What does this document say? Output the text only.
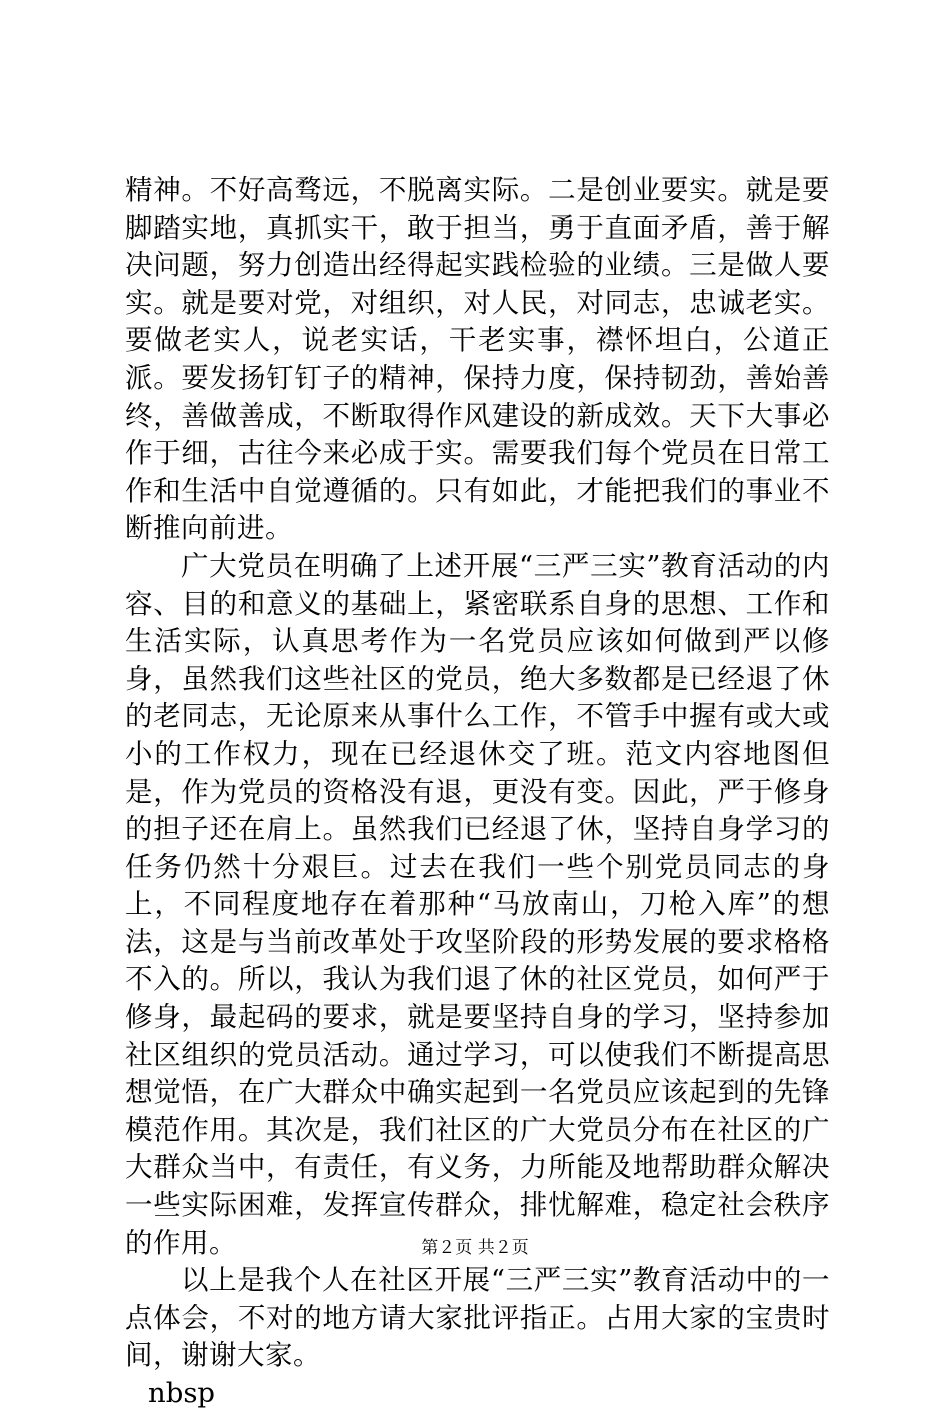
精神。不好高骛远，不脱离实际。二是创业要实。就是要脚踏实地，真抓实干，敢于担当，勇于直面矛盾，善于解决问题，努力创造出经得起实践检验的业绩。三是做人要实。就是要对党，对组织，对人民，对同志，忠诚老实。要做老实人，说老实话，干老实事，襟怀坦白，公道正派。要发扬钉钉子的精神，保持力度，保持韧劲，善始善终，善做善成，不断取得作风建设的新成效。天下大事必作于细，古往今来必成于实。需要我们每个党员在日常工作和生活中自觉遵循的。只有如此，才能把我们的事业不断推向前进。

广大党员在明确了上述开展“三严三实”教育活动的内容、目的和意义的基础上，紧密联系自身的思想、工作和生活实际，认真思考作为一名党员应该如何做到严以修身，虽然我们这些社区的党员，绝大多数都是已经退了休的老同志，无论原来从事什么工作，不管手中握有或大或小的工作权力，现在已经退休交了班。范文内容地图但是，作为党员的资格没有退，更没有变。因此，严于修身的担子还在肩上。虽然我们已经退了休，坚持自身学习的任务仍然十分艰巨。过去在我们一些个别党员同志的身上，不同程度地存在着那种“马放南山，刀枪入库”的想法，这是与当前改革处于攻坚阶段的形势发展的要求格格不入的。所以，我认为我们退了休的社区党员，如何严于修身，最起码的要求，就是要坚持自身的学习，坚持参加社区组织的党员活动。通过学习，可以使我们不断提高思想觉悟，在广大群众中确实起到一名党员应该起到的先锋模范作用。其次是，我们社区的广大党员分布在社区的广大群众当中，有责任，有义务，力所能及地帮助群众解决一些实际困难，发挥宣传群众，排忧解难，稳定社会秩序的作用。

以上是我个人在社区开展“三严三实”教育活动中的一点体会，不对的地方请大家批评指正。占用大家的宝贵时间，谢谢大家。

nbsp

第２页 共２页
